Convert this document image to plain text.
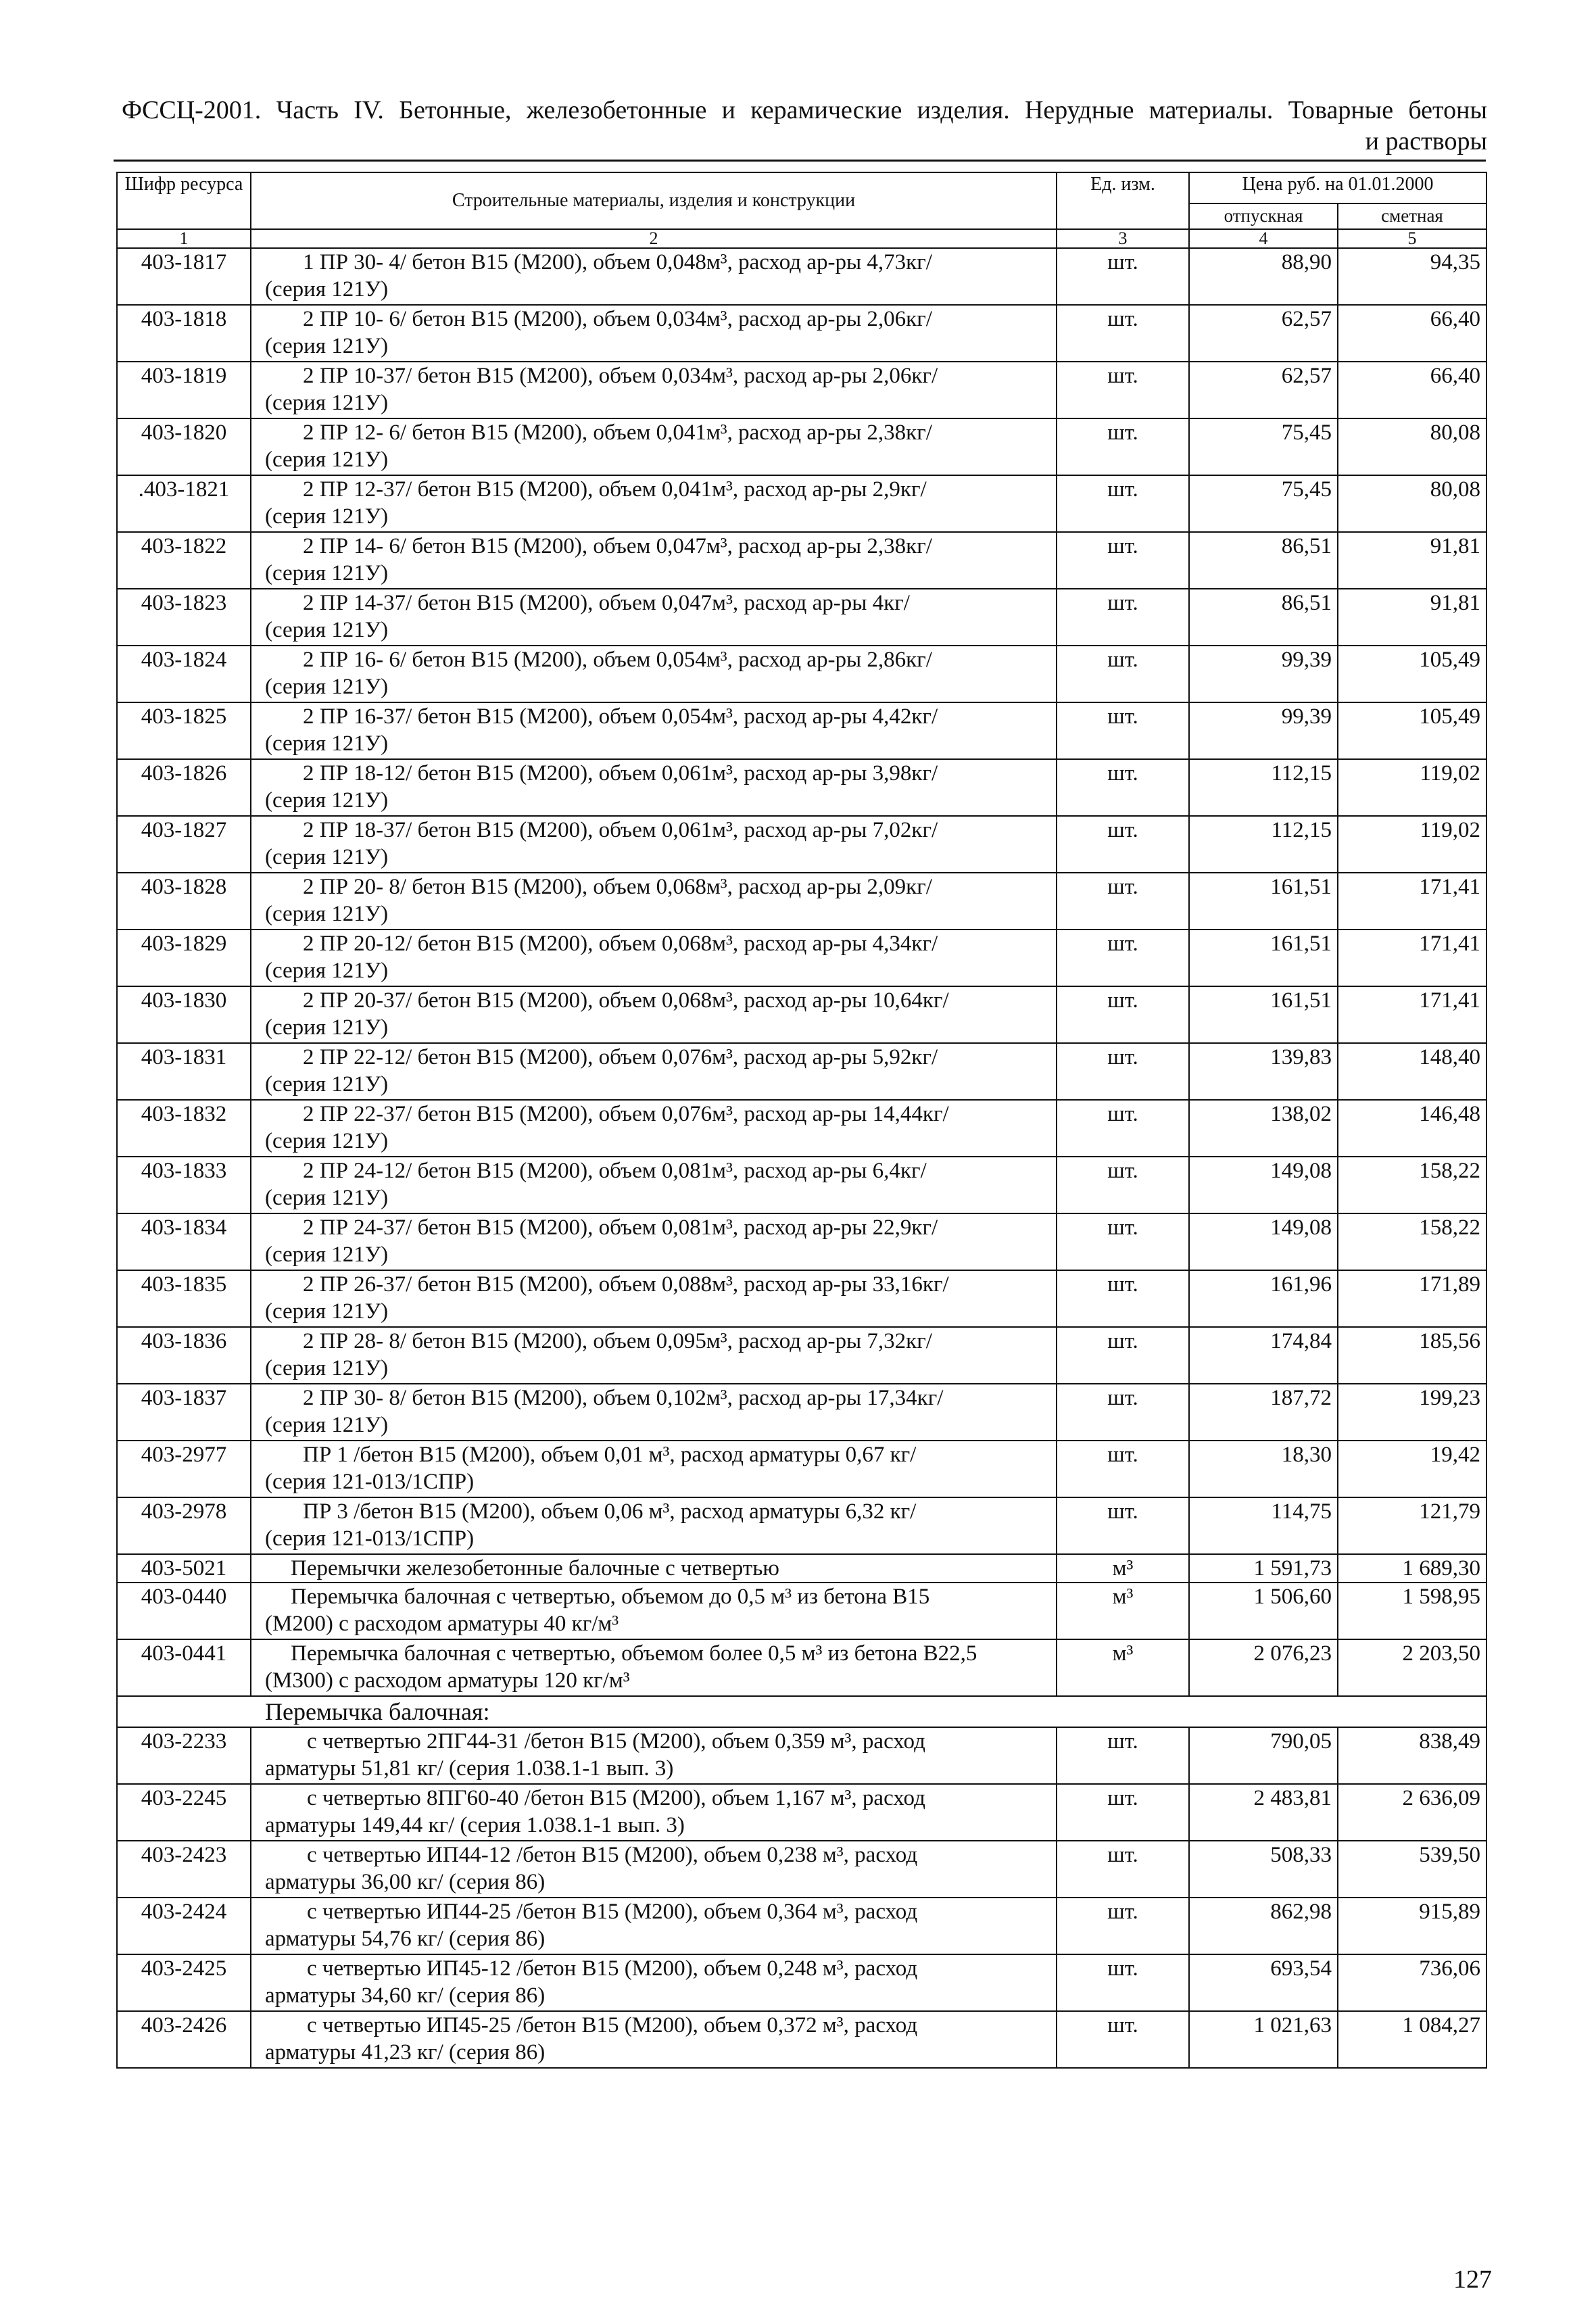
ФССЦ-2001. Часть IV. Бетонные, железобетонные и керамические изделия. Нерудные материалы. Товарные бетоны
и растворы
Шифр ресурса	Строительные материалы, изделия и конструкции	Ед. изм.	Цена руб. на 01.01.2000	
			отпускная	сметная
1	2	3	4	5
403-1817	1 ПР 30- 4/ бетон В15 (М200), объем 0,048м³, расход ар-ры 4,73кг/
(серия 121У)	шт.	88,90	94,35
403-1818	2 ПР 10- 6/ бетон В15 (М200), объем 0,034м³, расход ар-ры 2,06кг/
(серия 121У)	шт.	62,57	66,40
403-1819	2 ПР 10-37/ бетон В15 (М200), объем 0,034м³, расход ар-ры 2,06кг/
(серия 121У)	шт.	62,57	66,40
403-1820	2 ПР 12- 6/ бетон В15 (М200), объем 0,041м³, расход ар-ры 2,38кг/
(серия 121У)	шт.	75,45	80,08
.403-1821	2 ПР 12-37/ бетон В15 (М200), объем 0,041м³, расход ар-ры 2,9кг/
(серия 121У)	шт.	75,45	80,08
403-1822	2 ПР 14- 6/ бетон В15 (М200), объем 0,047м³, расход ар-ры 2,38кг/
(серия 121У)	шт.	86,51	91,81
403-1823	2 ПР 14-37/ бетон В15 (М200), объем 0,047м³, расход ар-ры 4кг/
(серия 121У)	шт.	86,51	91,81
403-1824	2 ПР 16- 6/ бетон В15 (М200), объем 0,054м³, расход ар-ры 2,86кг/
(серия 121У)	шт.	99,39	105,49
403-1825	2 ПР 16-37/ бетон В15 (М200), объем 0,054м³, расход ар-ры 4,42кг/
(серия 121У)	шт.	99,39	105,49
403-1826	2 ПР 18-12/ бетон В15 (М200), объем 0,061м³, расход ар-ры 3,98кг/
(серия 121У)	шт.	112,15	119,02
403-1827	2 ПР 18-37/ бетон В15 (М200), объем 0,061м³, расход ар-ры 7,02кг/
(серия 121У)	шт.	112,15	119,02
403-1828	2 ПР 20- 8/ бетон В15 (М200), объем 0,068м³, расход ар-ры 2,09кг/
(серия 121У)	шт.	161,51	171,41
403-1829	2 ПР 20-12/ бетон В15 (М200), объем 0,068м³, расход ар-ры 4,34кг/
(серия 121У)	шт.	161,51	171,41
403-1830	2 ПР 20-37/ бетон В15 (М200), объем 0,068м³, расход ар-ры 10,64кг/
(серия 121У)	шт.	161,51	171,41
403-1831	2 ПР 22-12/ бетон В15 (М200), объем 0,076м³, расход ар-ры 5,92кг/
(серия 121У)	шт.	139,83	148,40
403-1832	2 ПР 22-37/ бетон В15 (М200), объем 0,076м³, расход ар-ры 14,44кг/
(серия 121У)	шт.	138,02	146,48
403-1833	2 ПР 24-12/ бетон В15 (М200), объем 0,081м³, расход ар-ры 6,4кг/
(серия 121У)	шт.	149,08	158,22
403-1834	2 ПР 24-37/ бетон В15 (М200), объем 0,081м³, расход ар-ры 22,9кг/
(серия 121У)	шт.	149,08	158,22
403-1835	2 ПР 26-37/ бетон В15 (М200), объем 0,088м³, расход ар-ры 33,16кг/
(серия 121У)	шт.	161,96	171,89
403-1836	2 ПР 28- 8/ бетон В15 (М200), объем 0,095м³, расход ар-ры 7,32кг/
(серия 121У)	шт.	174,84	185,56
403-1837	2 ПР 30- 8/ бетон В15 (М200), объем 0,102м³, расход ар-ры 17,34кг/
(серия 121У)	шт.	187,72	199,23
403-2977	ПР 1 /бетон В15 (М200), объем 0,01 м³, расход арматуры 0,67 кг/
(серия 121-013/1СПР)	шт.	18,30	19,42
403-2978	ПР 3 /бетон В15 (М200), объем 0,06 м³, расход арматуры 6,32 кг/
(серия 121-013/1СПР)	шт.	114,75	121,79
403-5021	Перемычки железобетонные балочные с четвертью	м³	1 591,73	1 689,30
403-0440	Перемычка балочная с четвертью, объемом до 0,5 м³ из бетона В15
(М200) с расходом арматуры 40 кг/м³	м³	1 506,60	1 598,95
403-0441	Перемычка балочная с четвертью, объемом более 0,5 м³ из бетона В22,5
(М300) с расходом арматуры 120 кг/м³	м³	2 076,23	2 203,50
Перемычка балочная:				
403-2233	с четвертью 2ПГ44-31 /бетон В15 (М200), объем 0,359 м³, расход
арматуры 51,81 кг/ (серия 1.038.1-1 вып. 3)	шт.	790,05	838,49
403-2245	с четвертью 8ПГ60-40 /бетон В15 (М200), объем 1,167 м³, расход
арматуры 149,44 кг/ (серия 1.038.1-1 вып. 3)	шт.	2 483,81	2 636,09
403-2423	с четвертью ИП44-12 /бетон В15 (М200), объем 0,238 м³, расход
арматуры 36,00 кг/ (серия 86)	шт.	508,33	539,50
403-2424	с четвертью ИП44-25 /бетон В15 (М200), объем 0,364 м³, расход
арматуры 54,76 кг/ (серия 86)	шт.	862,98	915,89
403-2425	с четвертью ИП45-12 /бетон В15 (М200), объем 0,248 м³, расход
арматуры 34,60 кг/ (серия 86)	шт.	693,54	736,06
403-2426	с четвертью ИП45-25 /бетон В15 (М200), объем 0,372 м³, расход
арматуры 41,23 кг/ (серия 86)	шт.	1 021,63	1 084,27
127
